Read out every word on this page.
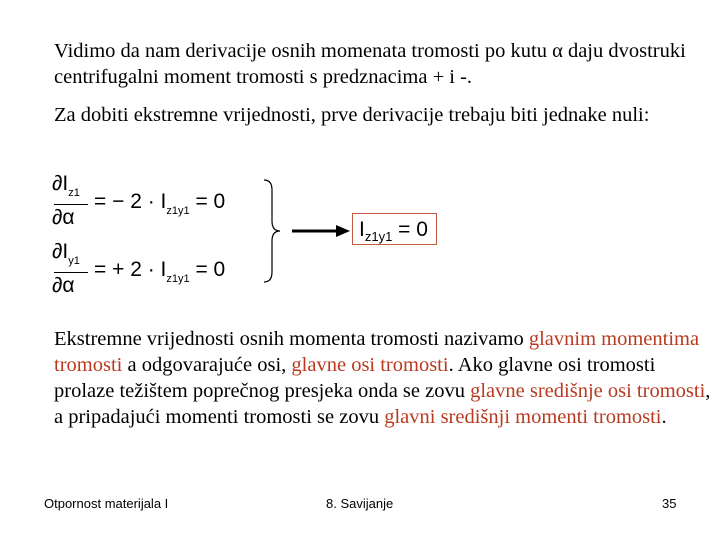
Vidimo da nam derivacije osnih momenata tromosti po kutu α daju dvostruki centrifugalni moment tromosti s predznacima + i -.
Za dobiti ekstremne vrijednosti, prve derivacije trebaju biti jednake nuli:
$\partial I_{z1}$
∂α
= − $2 \cdot I_{z1y1} = 0$
$\partial I_{y1}$
∂α
= + $2 \cdot I_{z1y1} = 0$
$I_{z1y1} = 0$
Ekstremne vrijednosti osnih momenta tromosti nazivamo glavnim momentima tromosti a odgovarajuće osi, glavne osi tromosti. Ako glavne osi tromosti prolaze težištem poprečnog presjeka onda se zovu glavne središnje osi tromosti, a pripadajući momenti tromosti se zovu glavni središnji momenti tromosti.
Otpornost materijala I	8. Savijanje	35
